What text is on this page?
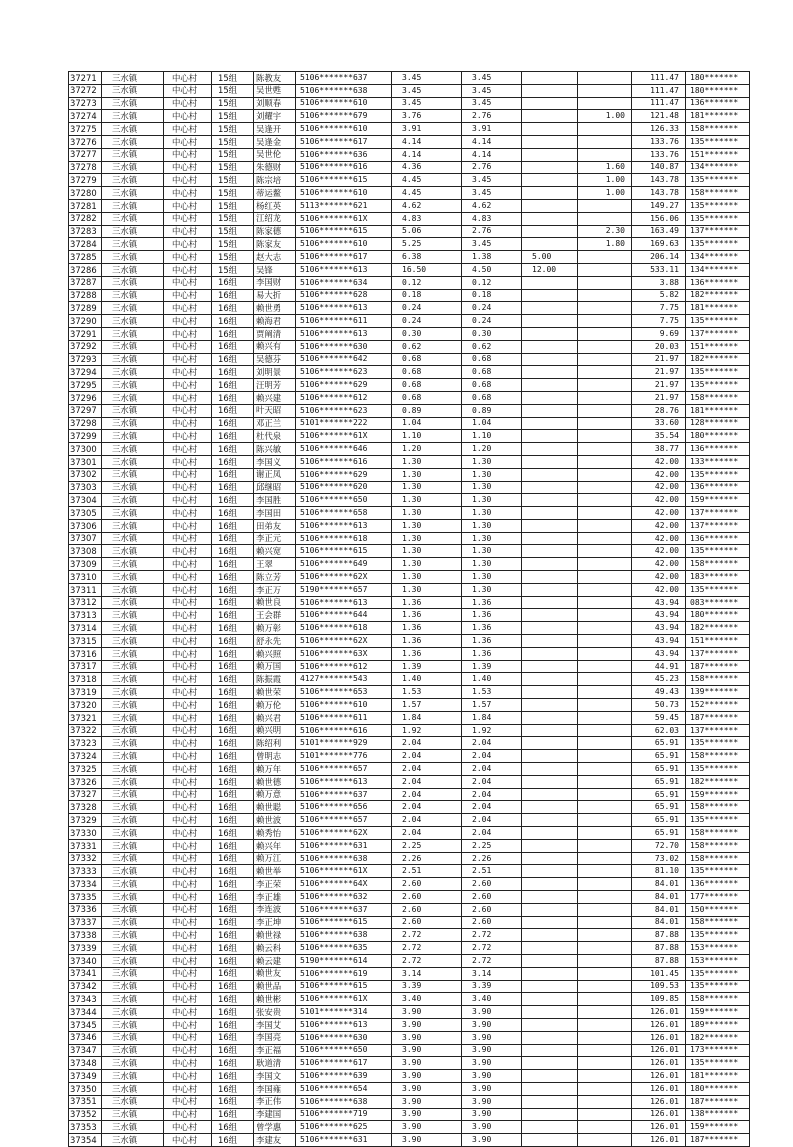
37271	三水镇	中心村	15组	陈教友	5106*******637	3.45	3.45			111.47	180*******
37272	三水镇	中心村	15组	吴世甦	5106*******638	3.45	3.45			111.47	180*******
37273	三水镇	中心村	15组	刘顺春	5106*******610	3.45	3.45			111.47	136*******
37274	三水镇	中心村	15组	刘耀宇	5106*******679	3.76	2.76		1.00	121.48	181*******
37275	三水镇	中心村	15组	吴逢开	5106*******610	3.91	3.91			126.33	158*******
37276	三水镇	中心村	15组	吴逢金	5106*******617	4.14	4.14			133.76	135*******
37277	三水镇	中心村	15组	吴世伦	5106*******636	4.14	4.14			133.76	151*******
37278	三水镇	中心村	15组	朱德财	5106*******616	4.36	2.76		1.60	140.87	134*******
37279	三水镇	中心村	15组	陈宗培	5106*******615	4.45	3.45		1.00	143.78	135*******
37280	三水镇	中心村	15组	蒂运鳌	5106*******610	4.45	3.45		1.00	143.78	158*******
37281	三水镇	中心村	15组	杨红英	5113*******621	4.62	4.62			149.27	135*******
37282	三水镇	中心村	15组	江绍龙	5106*******61X	4.83	4.83			156.06	135*******
37283	三水镇	中心村	15组	陈家德	5106*******615	5.06	2.76		2.30	163.49	137*******
37284	三水镇	中心村	15组	陈家友	5106*******610	5.25	3.45		1.80	169.63	135*******
37285	三水镇	中心村	15组	赵大志	5106*******617	6.38	1.38	5.00		206.14	134*******
37286	三水镇	中心村	15组	吴锋	5106*******613	16.50	4.50	12.00		533.11	134*******
37287	三水镇	中心村	16组	李国财	5106*******634	0.12	0.12			3.88	136*******
37288	三水镇	中心村	16组	易大折	5106*******628	0.18	0.18			5.82	182*******
37289	三水镇	中心村	16组	赖世勇	5106*******613	0.24	0.24			7.75	181*******
37290	三水镇	中心村	16组	赖海君	5106*******611	0.24	0.24			7.75	135*******
37291	三水镇	中心村	16组	贾阐清	5106*******613	0.30	0.30			9.69	137*******
37292	三水镇	中心村	16组	赖兴有	5106*******630	0.62	0.62			20.03	151*******
37293	三水镇	中心村	16组	吴德芬	5106*******642	0.68	0.68			21.97	182*******
37294	三水镇	中心村	16组	刘明景	5106*******623	0.68	0.68			21.97	135*******
37295	三水镇	中心村	16组	汪明芳	5106*******629	0.68	0.68			21.97	135*******
37296	三水镇	中心村	16组	赖兴建	5106*******612	0.68	0.68			21.97	158*******
37297	三水镇	中心村	16组	叶天昭	5106*******623	0.89	0.89			28.76	181*******
37298	三水镇	中心村	16组	邓正兰	5101*******222	1.04	1.04			33.60	128*******
37299	三水镇	中心村	16组	杜代泉	5106*******61X	1.10	1.10			35.54	180*******
37300	三水镇	中心村	16组	陈兴敏	5106*******646	1.20	1.20			38.77	136*******
37301	三水镇	中心村	16组	李国义	5106*******616	1.30	1.30			42.00	133*******
37302	三水镇	中心村	16组	谢正凤	5106*******629	1.30	1.30			42.00	135*******
37303	三水镇	中心村	16组	邱继昭	5106*******620	1.30	1.30			42.00	136*******
37304	三水镇	中心村	16组	李国胜	5106*******650	1.30	1.30			42.00	159*******
37305	三水镇	中心村	16组	李国田	5106*******658	1.30	1.30			42.00	137*******
37306	三水镇	中心村	16组	田弟友	5106*******613	1.30	1.30			42.00	137*******
37307	三水镇	中心村	16组	李正元	5106*******618	1.30	1.30			42.00	136*******
37308	三水镇	中心村	16组	赖兴宽	5106*******615	1.30	1.30			42.00	135*******
37309	三水镇	中心村	16组	王翠	5106*******649	1.30	1.30			42.00	158*******
37310	三水镇	中心村	16组	陈立芳	5106*******62X	1.30	1.30			42.00	183*******
37311	三水镇	中心村	16组	李正万	5190*******657	1.30	1.30			42.00	135*******
37312	三水镇	中心村	16组	赖世良	5106*******613	1.36	1.36			43.94	083*******
37313	三水镇	中心村	16组	王会群	5106*******644	1.36	1.36			43.94	180*******
37314	三水镇	中心村	16组	赖万彰	5106*******618	1.36	1.36			43.94	182*******
37315	三水镇	中心村	16组	舒永先	5106*******62X	1.36	1.36			43.94	151*******
37316	三水镇	中心村	16组	赖兴照	5106*******63X	1.36	1.36			43.94	137*******
37317	三水镇	中心村	16组	赖万国	5106*******612	1.39	1.39			44.91	187*******
37318	三水镇	中心村	16组	陈振霞	4127*******543	1.40	1.40			45.23	158*******
37319	三水镇	中心村	16组	赖世荣	5106*******653	1.53	1.53			49.43	139*******
37320	三水镇	中心村	16组	赖万伦	5106*******610	1.57	1.57			50.73	152*******
37321	三水镇	中心村	16组	赖兴君	5106*******611	1.84	1.84			59.45	187*******
37322	三水镇	中心村	16组	赖兴明	5106*******616	1.92	1.92			62.03	137*******
37323	三水镇	中心村	16组	陈绍利	5101*******929	2.04	2.04			65.91	135*******
37324	三水镇	中心村	16组	曾明志	5101*******776	2.04	2.04			65.91	158*******
37325	三水镇	中心村	16组	赖万年	5106*******657	2.04	2.04			65.91	135*******
37326	三水镇	中心村	16组	赖世德	5106*******613	2.04	2.04			65.91	182*******
37327	三水镇	中心村	16组	赖万意	5106*******637	2.04	2.04			65.91	159*******
37328	三水镇	中心村	16组	赖世聪	5106*******656	2.04	2.04			65.91	158*******
37329	三水镇	中心村	16组	赖世波	5106*******657	2.04	2.04			65.91	135*******
37330	三水镇	中心村	16组	赖秀怡	5106*******62X	2.04	2.04			65.91	158*******
37331	三水镇	中心村	16组	赖兴年	5106*******631	2.25	2.25			72.70	158*******
37332	三水镇	中心村	16组	赖万江	5106*******638	2.26	2.26			73.02	158*******
37333	三水镇	中心村	16组	赖世举	5106*******61X	2.51	2.51			81.10	135*******
37334	三水镇	中心村	16组	李正荣	5106*******64X	2.60	2.60			84.01	136*******
37335	三水镇	中心村	16组	李正雄	5106*******632	2.60	2.60			84.01	177*******
37336	三水镇	中心村	16组	李连波	5106*******637	2.60	2.60			84.01	150*******
37337	三水镇	中心村	16组	李正坤	5106*******615	2.60	2.60			84.01	158*******
37338	三水镇	中心村	16组	赖世禄	5106*******638	2.72	2.72			87.88	135*******
37339	三水镇	中心村	16组	赖云科	5106*******635	2.72	2.72			87.88	153*******
37340	三水镇	中心村	16组	赖云建	5190*******614	2.72	2.72			87.88	153*******
37341	三水镇	中心村	16组	赖世友	5106*******619	3.14	3.14			101.45	135*******
37342	三水镇	中心村	16组	赖世品	5106*******615	3.39	3.39			109.53	135*******
37343	三水镇	中心村	16组	赖世彬	5106*******61X	3.40	3.40			109.85	158*******
37344	三水镇	中心村	16组	张安贵	5101*******314	3.90	3.90			126.01	159*******
37345	三水镇	中心村	16组	李国艾	5106*******613	3.90	3.90			126.01	189*******
37346	三水镇	中心村	16组	李国亮	5106*******630	3.90	3.90			126.01	182*******
37347	三水镇	中心村	16组	李正福	5106*******650	3.90	3.90			126.01	173*******
37348	三水镇	中心村	16组	耿道清	5106*******617	3.90	3.90			126.01	135*******
37349	三水镇	中心村	16组	李国文	5106*******639	3.90	3.90			126.01	181*******
37350	三水镇	中心村	16组	李国雍	5106*******654	3.90	3.90			126.01	180*******
37351	三水镇	中心村	16组	李正伟	5106*******638	3.90	3.90			126.01	187*******
37352	三水镇	中心村	16组	李建国	5106*******719	3.90	3.90			126.01	138*******
37353	三水镇	中心村	16组	曾学惠	5106*******625	3.90	3.90			126.01	159*******
37354	三水镇	中心村	16组	李建友	5106*******631	3.90	3.90			126.01	187*******
